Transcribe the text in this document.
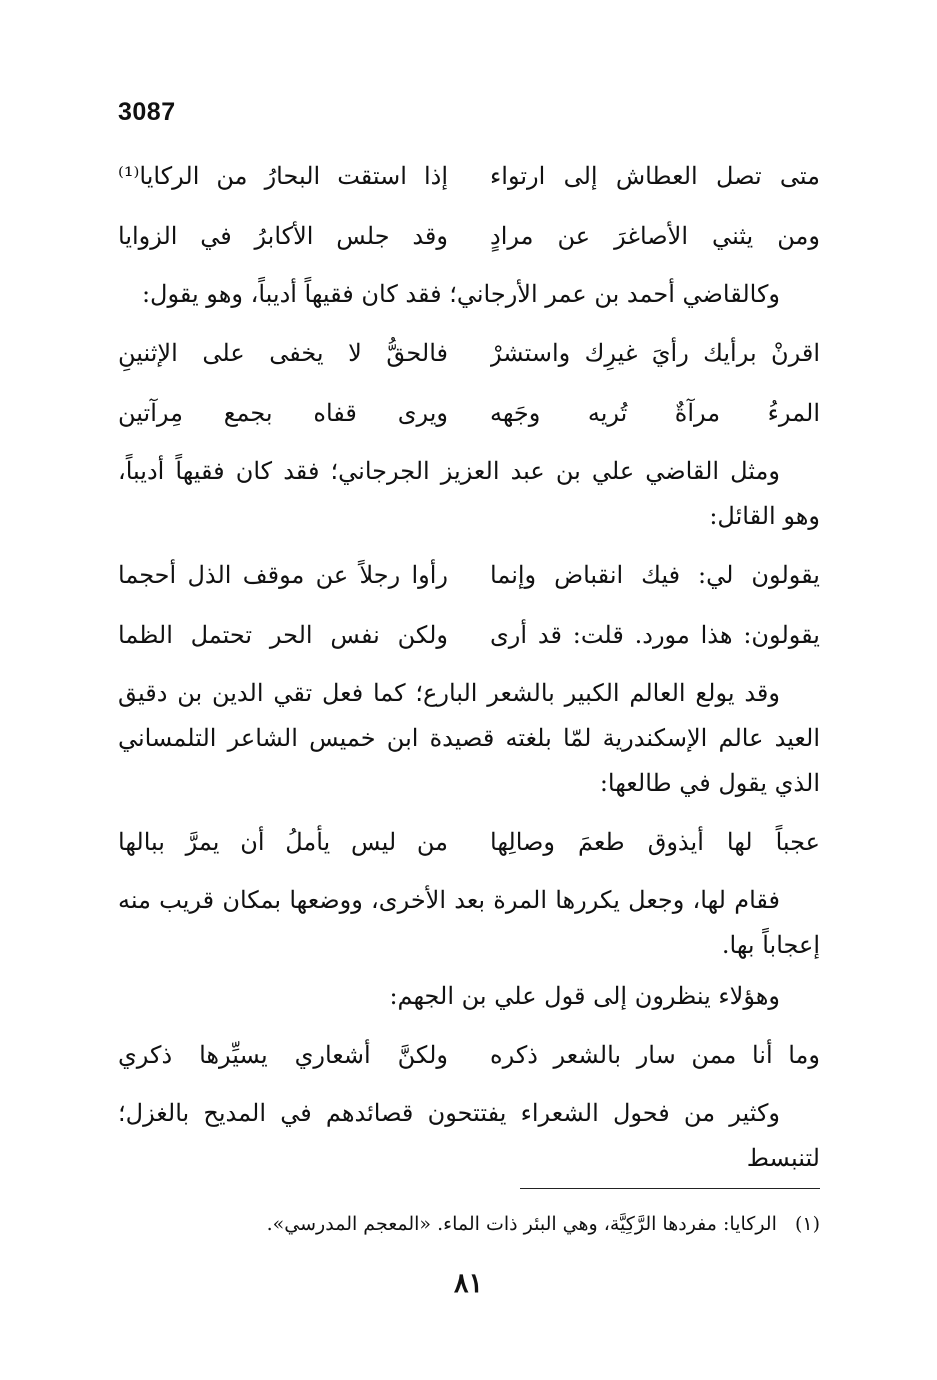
3087
متى تصل العطاش إلى ارتواء
إذا استقت البحارُ من الركايا⁽¹⁾
ومن يثني الأصاغرَ عن مرادٍ
وقد جلس الأكابرُ في الزوايا

وكالقاضي أحمد بن عمر الأرجاني؛ فقد كان فقيهاً أديباً، وهو يقول:

اقرنْ برأيك رأيَ غيرِك واستشرْ
فالحقُّ لا يخفى على الإثنينِ
المرءُ مرآةٌ تُريه وجَهه
ويرى قفاه بجمع مِرآتين

ومثل القاضي علي بن عبد العزيز الجرجاني؛ فقد كان فقيهاً أديباً، وهو القائل:

يقولون لي: فيك انقباض وإنما
رأوا رجلاً عن موقف الذل أحجما
يقولون: هذا مورد. قلت: قد أرى
ولكن نفس الحر تحتمل الظما

وقد يولع العالم الكبير بالشعر البارع؛ كما فعل تقي الدين بن دقيق العيد عالم الإسكندرية لمّا بلغته قصيدة ابن خميس الشاعر التلمساني الذي يقول في طالعها:

عجباً لها أيذوق طعمَ وصالِها
من ليس يأملُ أن يمرَّ ببالها

فقام لها، وجعل يكررها المرة بعد الأخرى، ووضعها بمكان قريب منه إعجاباً بها.

وهؤلاء ينظرون إلى قول علي بن الجهم:

وما أنا ممن سار بالشعر ذكره
ولكنَّ أشعاري يسيِّرها ذكري

وكثير من فحول الشعراء يفتتحون قصائدهم في المديح بالغزل؛ لتنبسط

(١) الركايا: مفردها الرَّكِيَّة، وهي البئر ذات الماء. «المعجم المدرسي».
٨١
